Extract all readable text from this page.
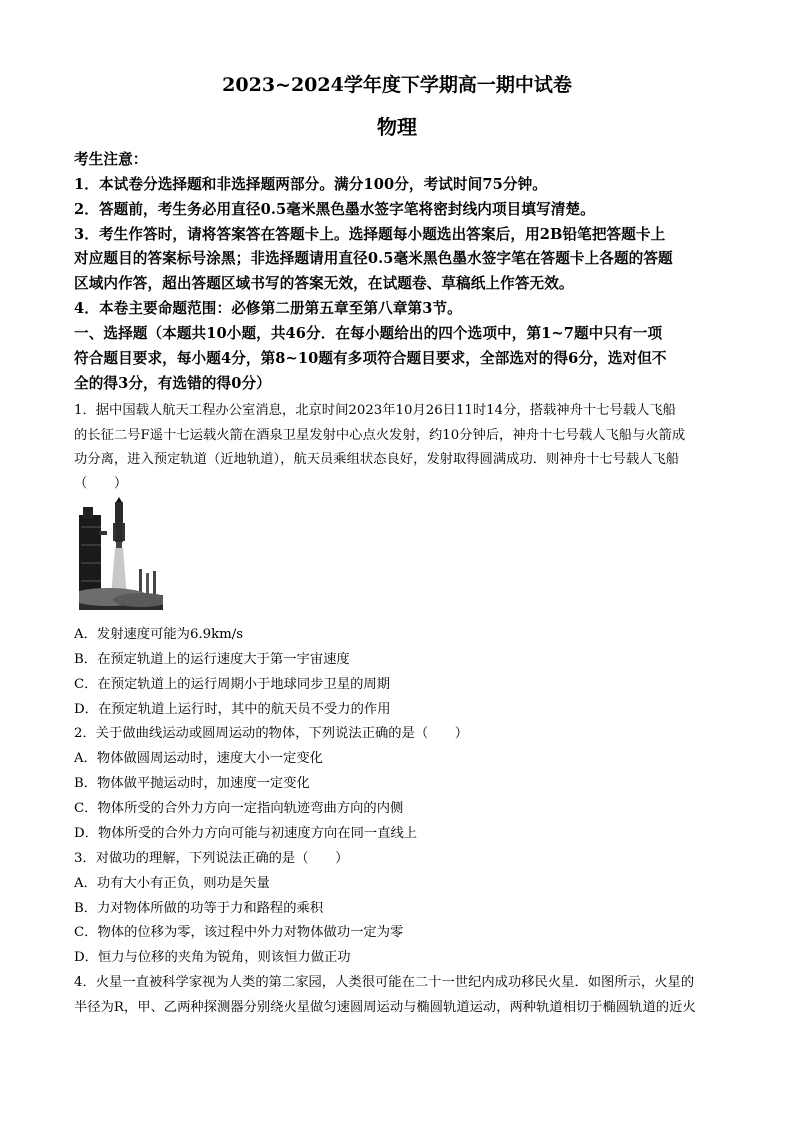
2023~2024学年度下学期高一期中试卷
物理
考生注意：
1．本试卷分选择题和非选择题两部分。满分100分，考试时间75分钟。
2．答题前，考生务必用直径0.5毫米黑色墨水签字笔将密封线内项目填写清楚。
3．考生作答时，请将答案答在答题卡上。选择题每小题选出答案后，用2B铅笔把答题卡上
对应题目的答案标号涂黑；非选择题请用直径0.5毫米黑色墨水签字笔在答题卡上各题的答题
区域内作答，超出答题区域书写的答案无效，在试题卷、草稿纸上作答无效。
4．本卷主要命题范围：必修第二册第五章至第八章第3节。
一、选择题（本题共10小题，共46分．在每小题给出的四个选项中，第1~7题中只有一项
符合题目要求，每小题4分，第8~10题有多项符合题目要求，全部选对的得6分，选对但不
全的得3分，有选错的得0分）
1．据中国载人航天工程办公室消息，北京时间2023年10月26日11时14分，搭载神舟十七号载人飞船
的长征二号F遥十七运载火箭在酒泉卫星发射中心点火发射，约10分钟后，神舟十七号载人飞船与火箭成
功分离，进入预定轨道（近地轨道），航天员乘组状态良好，发射取得圆满成功．则神舟十七号载人飞船
（　　）
A．发射速度可能为6.9km/s
B．在预定轨道上的运行速度大于第一宇宙速度
C．在预定轨道上的运行周期小于地球同步卫星的周期
D．在预定轨道上运行时，其中的航天员不受力的作用
2．关于做曲线运动或圆周运动的物体，下列说法正确的是（　　）
A．物体做圆周运动时，速度大小一定变化
B．物体做平抛运动时，加速度一定变化
C．物体所受的合外力方向一定指向轨迹弯曲方向的内侧
D．物体所受的合外力方向可能与初速度方向在同一直线上
3．对做功的理解，下列说法正确的是（　　）
A．功有大小有正负，则功是矢量
B．力对物体所做的功等于力和路程的乘积
C．物体的位移为零，该过程中外力对物体做功一定为零
D．恒力与位移的夹角为锐角，则该恒力做正功
4．火星一直被科学家视为人类的第二家园，人类很可能在二十一世纪内成功移民火星．如图所示，火星的
半径为R，甲、乙两种探测器分别绕火星做匀速圆周运动与椭圆轨道运动，两种轨道相切于椭圆轨道的近火
